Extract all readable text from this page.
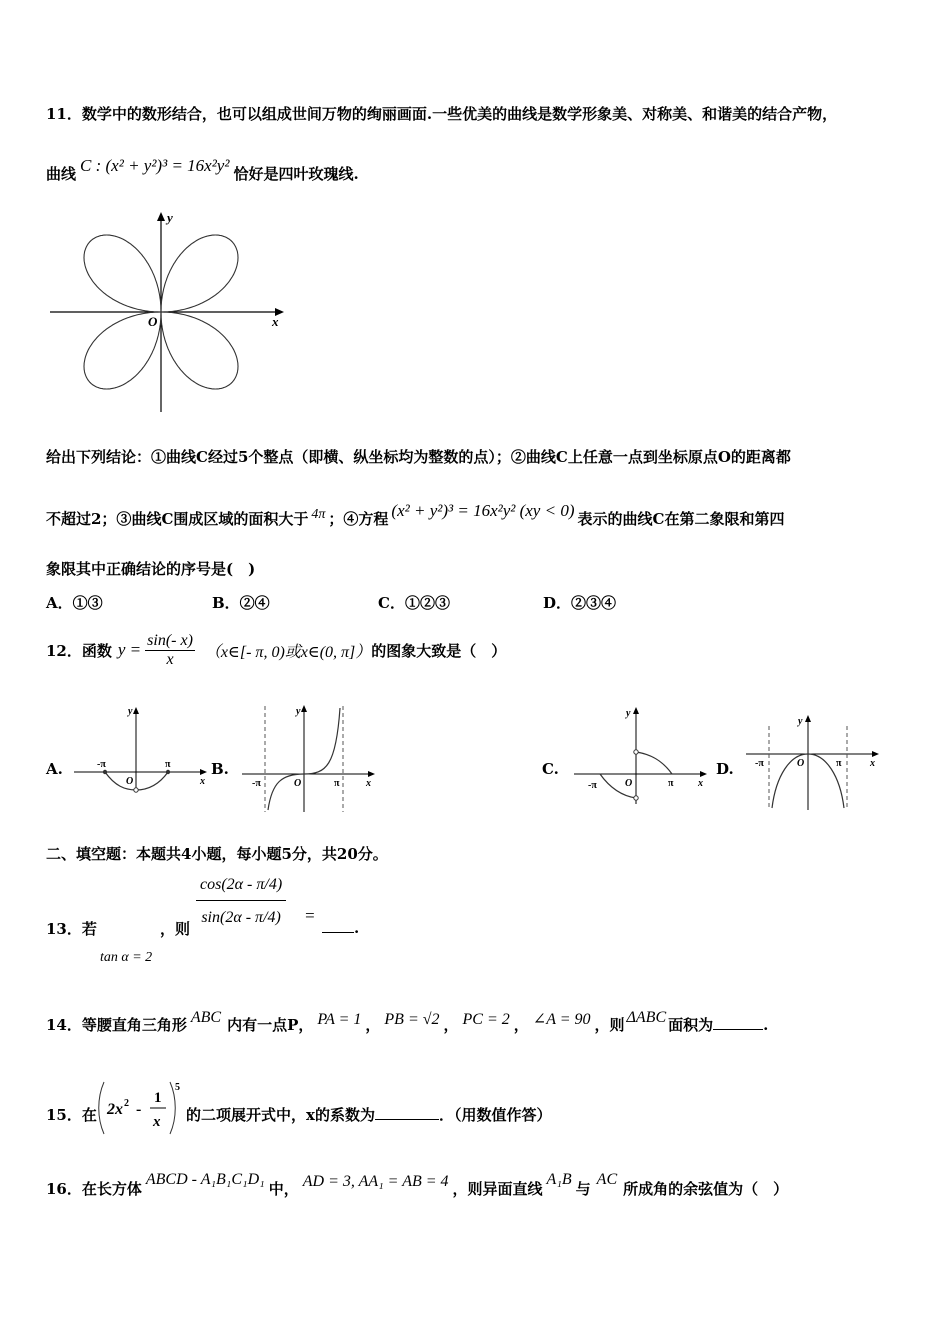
11．数学中的数形结合，也可以组成世间万物的绚丽画面.一些优美的曲线是数学形象美、对称美、和谐美的结合产物，
曲线 C : (x² + y²)³ = 16x²y² 恰好是四叶玫瑰线.
y
x
O
给出下列结论：①曲线C经过5个整点（即横、纵坐标均为整数的点）；②曲线C上任意一点到坐标原点O的距离都
不超过2；③曲线C围成区域的面积大于 4π ；④方程 (x² + y²)³ = 16x²y² (xy < 0) 表示的曲线C在第二象限和第四
象限其中正确结论的序号是(　)
A．①③	B．②④	C．①②③	D．②③④
12．函数 $y = \frac{\sin(- x)}{x}$ （x∈[- π, 0)或x∈(0, π]） 的图象大致是（　）
A.	B.	C.	D.
y
x
O
-π	π
y
x
O
-π	π
y
x
O
-π	π
y
x
O
-π	π
二、填空题：本题共4小题，每小题5分，共20分。
13．若
tan α = 2
，则 $\frac{\cos(2\alpha - \pi/4)}{\sin(2\alpha - \pi/4)}$ =
.
14．等腰直角三角形 ABC 内有一点P， PA = 1 ， PB = √2 ， PC = 2 ， ∠A = 90 ，则 ΔABC 面积为	.
15．在 2x 2 -
1
x
5
的二项展开式中，x的系数为	．（用数值作答）
16．在长方体ABCD - A₁B₁C₁D₁中， AD = 3, AA₁ = AB = 4 ，则异面直线A₁B与AC所成角的余弦值为（　）
